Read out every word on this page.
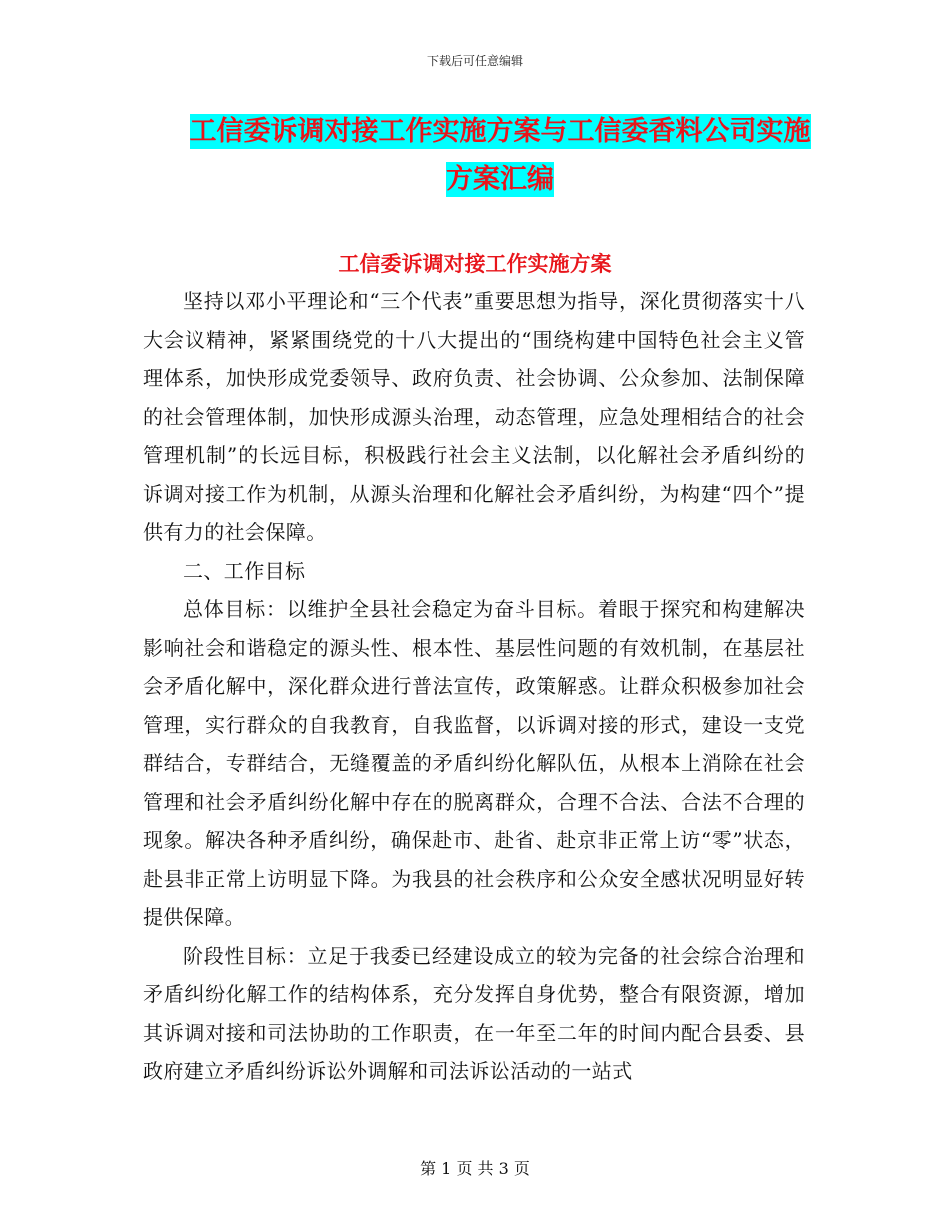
下载后可任意编辑
工信委诉调对接工作实施方案与工信委香料公司实施
方案汇编
工信委诉调对接工作实施方案

坚持以邓小平理论和“三个代表”重要思想为指导，深化贯彻落实十八大会议精神，紧紧围绕党的十八大提出的“围绕构建中国特色社会主义管理体系，加快形成党委领导、政府负责、社会协调、公众参加、法制保障的社会管理体制，加快形成源头治理，动态管理，应急处理相结合的社会管理机制”的长远目标，积极践行社会主义法制，以化解社会矛盾纠纷的诉调对接工作为机制，从源头治理和化解社会矛盾纠纷，为构建“四个”提供有力的社会保障。

二、工作目标

总体目标：以维护全县社会稳定为奋斗目标。着眼于探究和构建解决影响社会和谐稳定的源头性、根本性、基层性问题的有效机制，在基层社会矛盾化解中，深化群众进行普法宣传，政策解惑。让群众积极参加社会管理，实行群众的自我教育，自我监督，以诉调对接的形式，建设一支党群结合，专群结合，无缝覆盖的矛盾纠纷化解队伍，从根本上消除在社会管理和社会矛盾纠纷化解中存在的脱离群众，合理不合法、合法不合理的现象。解决各种矛盾纠纷，确保赴市、赴省、赴京非正常上访“零”状态，赴县非正常上访明显下降。为我县的社会秩序和公众安全感状况明显好转提供保障。

阶段性目标：立足于我委已经建设成立的较为完备的社会综合治理和矛盾纠纷化解工作的结构体系，充分发挥自身优势，整合有限资源，增加其诉调对接和司法协助的工作职责，在一年至二年的时间内配合县委、县政府建立矛盾纠纷诉讼外调解和司法诉讼活动的一站式

第 1 页 共 3 页
